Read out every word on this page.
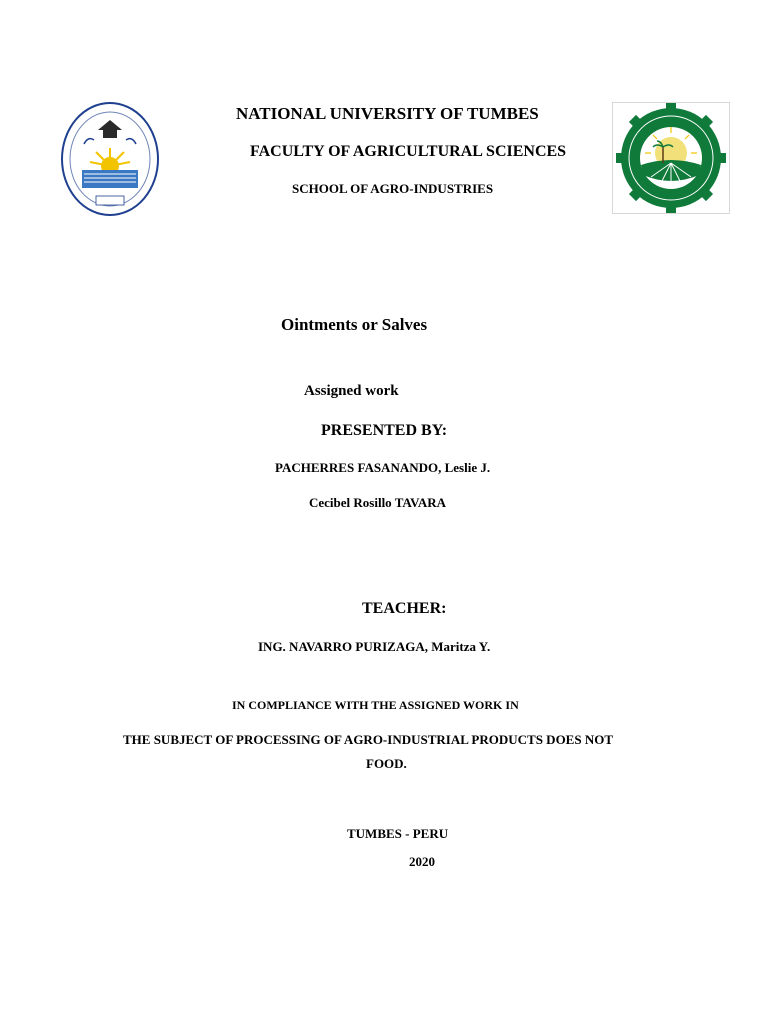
NATIONAL UNIVERSITY OF TUMBES
FACULTY OF AGRICULTURAL SCIENCES
SCHOOL OF AGRO-INDUSTRIES
Ointments or Salves
Assigned work
PRESENTED BY:
PACHERRES FASANANDO, Leslie J.
Cecibel Rosillo TAVARA
TEACHER:
ING. NAVARRO PURIZAGA, Maritza Y.
IN COMPLIANCE WITH THE ASSIGNED WORK IN
THE SUBJECT OF PROCESSING OF AGRO-INDUSTRIAL PRODUCTS DOES NOT
FOOD.
TUMBES - PERU
2020
